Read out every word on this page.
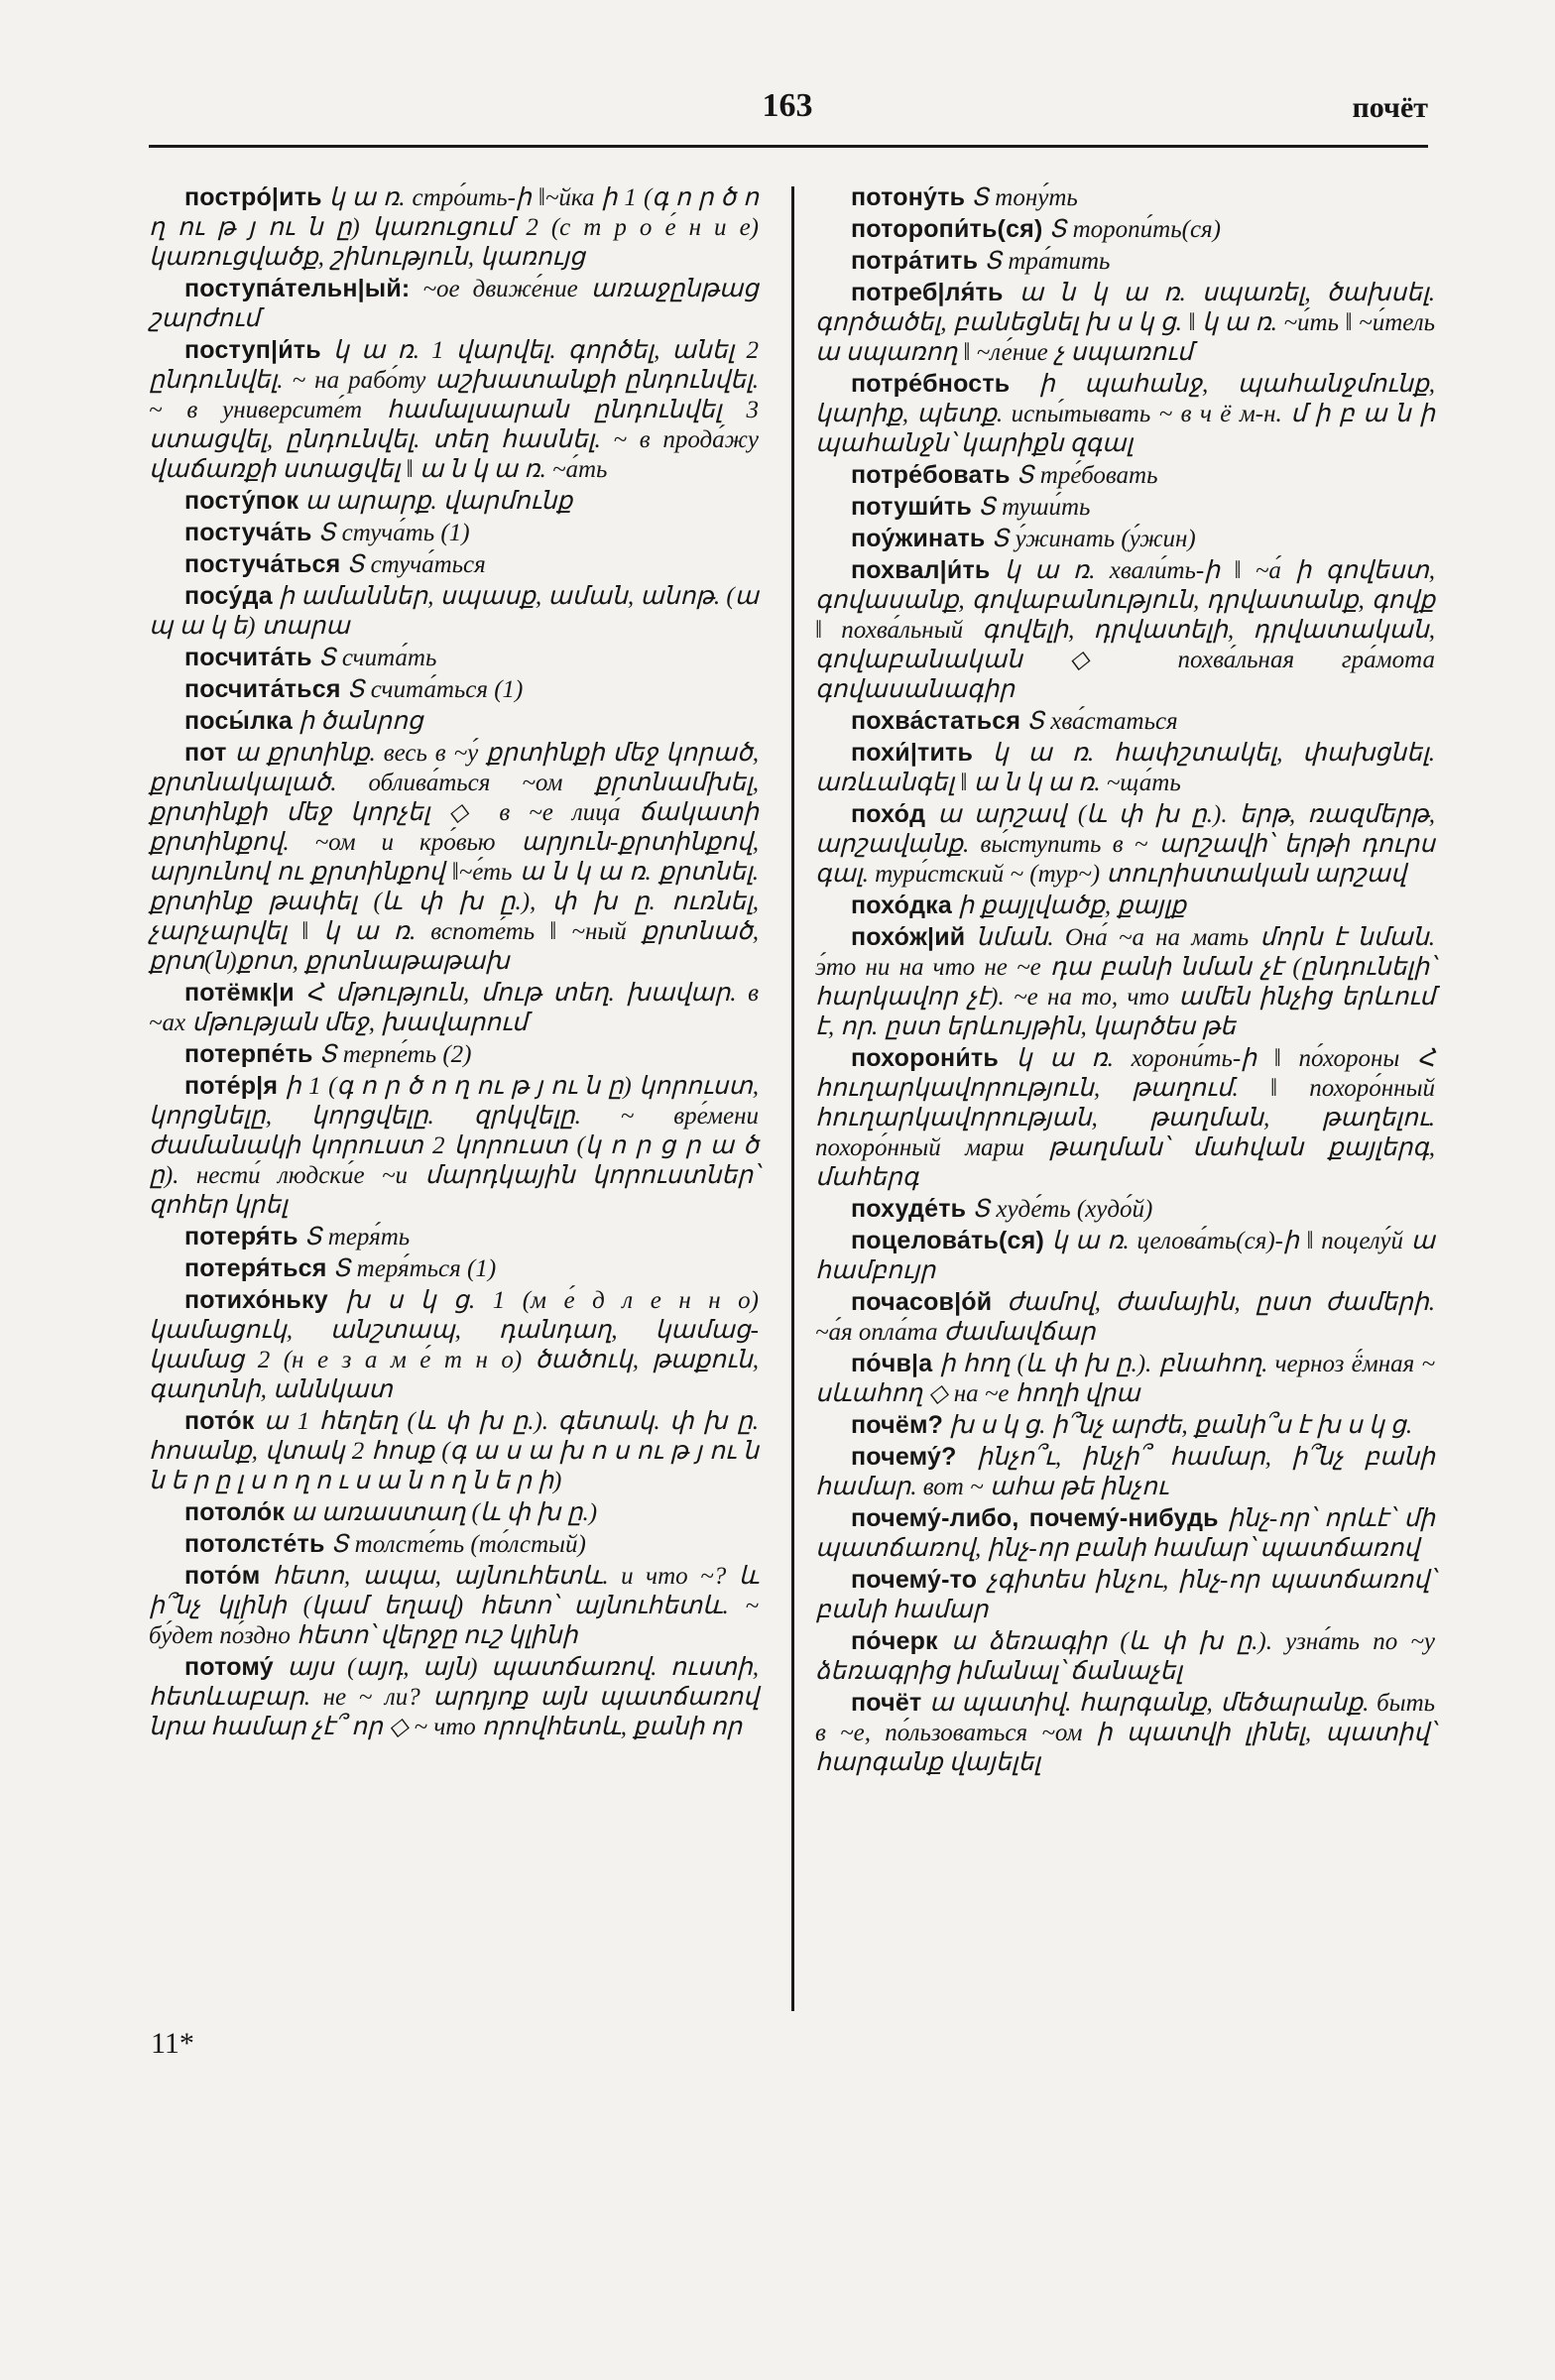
163	почёт
постро́|ить կ ա ռ. стро́ить-ի ‖~йка ի 1 (գ ո ր ծ ո ղ ու թ յ ու ն ը) կառուցում 2 (с т р о е́ н и е) կառուցվածք, շինություն, կառույց
поступа́тельн|ый: ~ое движе́ние առաջընթաց շարժում
поступ|и́ть կ ա ռ. 1 վարվել. գործել, անել 2 ընդունվել. ~ на рабо́ту աշխատանքի ընդունվել. ~ в университе́т համալսարան ընդունվել 3 ստացվել, ընդունվել. տեղ հասնել. ~ в прода́жу վաճառքի ստացվել ‖ ա ն կ ա ռ. ~а́ть
посту́пок ա արարք. վարմունք
постуча́ть Տ стуча́ть (1)
постуча́ться Տ стуча́ться
посу́да ի ամաններ, սպասք, աման, անոթ. (ա պ ա կ ե) տարա
посчита́ть Տ счита́ть
посчита́ться Տ счита́ться (1)
посы́лка ի ծանրոց
пот ա քրտինք. весь в ~у́ քրտինքի մեջ կորած, քրտնակալած. облива́ться ~ом քրտնամխել, քրտինքի մեջ կորչել ◇ в ~е лица́ ճակատի քրտինքով. ~ом и кро́вью արյուն-քրտինքով, արյունով ու քրտինքով ‖~е́ть ա ն կ ա ռ. քրտնել. քրտինք թափել (և փ խ ը.), փ խ ը. ուռնել, չարչարվել ‖ կ ա ռ. вспоте́ть ‖ ~ный քրտնած, քրտ(ն)քոտ, քրտնաթաթախ
потёмк|и Հ մթություն, մութ տեղ. խավար. в ~ах մթության մեջ, խավարում
потерпе́ть Տ терпе́ть (2)
поте́р|я ի 1 (գ ո ր ծ ո ղ ու թ յ ու ն ը) կորուստ, կորցնելը, կորցվելը. զրկվելը. ~ вре́мени ժամանակի կորուստ 2 կորուստ (կ ո ր ց ր ա ծ ը). нести́ людски́е ~и մարդկային կորուստներ՝ զոհեր կրել
потеря́ть Տ теря́ть
потеря́ться Տ теря́ться (1)
потихо́ньку խ ս կ ց. 1 (м е́ д л е н н о) կամացուկ, անշտապ, դանդաղ, կամաց-կամաց 2 (н е з а м е́ т н о) ծածուկ, թաքուն, գաղտնի, աննկատ
пото́к ա 1 հեղեղ (և փ խ ը.). գետակ. փ խ ը. հոսանք, վտակ 2 հոսք (գ ա ս ա խ ո ս ու թ յ ու ն ն ե ր ը լ ս ո ղ ո ւ ս ա ն ո ղ ն ե ր ի)
потоло́к ա առաստաղ (և փ խ ը.)
потолсте́ть Տ толсте́ть (то́лстый)
пото́м հետո, ապա, այնուհետև. и что ~? և ի՞նչ կլինի (կամ եղավ) հետո՝ այնուհետև. ~ бу́дет по́здно հետո՝ վերջը ուշ կլինի
потому́ այս (այդ, այն) պատճառով. ուստի, հետևաբար. не ~ ли? արդյոք այն պատճառով նրա համար չէ՞ որ ◇ ~ что որովհետև, քանի որ
потону́ть Տ тону́ть
поторопи́ть(ся) Տ торопи́ть(ся)
потра́тить Տ тра́тить
потреб|ля́ть ա ն կ ա ռ. սպառել, ծախսել. գործածել, բանեցնել խ ս կ ց. ‖ կ ա ռ. ~и́ть ‖ ~и́тель ա սպառող ‖ ~ле́ние չ սպառում
потре́бность ի պահանջ, պահանջմունք, կարիք, պետք. испы́тывать ~ в ч ё м-н. մ ի բ ա ն ի պահանջն՝ կարիքն զգալ
потре́бовать Տ тре́бовать
потуши́ть Տ туши́ть
поу́жинать Տ у́жинать (у́жин)
похвал|и́ть կ ա ռ. хвали́ть-ի ‖ ~а́ ի գովեստ, գովասանք, գովաբանություն, դրվատանք, գովք ‖ похва́льный գովելի, դրվատելի, դրվատական, գովաբանական ◇ похва́льная гра́мота գովասանագիր
похва́статься Տ хва́статься
похи́|тить կ ա ռ. հափշտակել, փախցնել. առևանգել ‖ ա ն կ ա ռ. ~ща́ть
похо́д ա արշավ (և փ խ ը.). երթ, ռազմերթ, արշավանք. вы́ступить в ~ արշավի՝ երթի դուրս գալ. тури́стский ~ (тур~) տուրիստական արշավ
похо́дка ի քայլվածք, քայլք
похо́ж|ий նման. Она́ ~а на мать մորն է նման. э́то ни на что не ~е դա բանի նման չէ (ընդունելի՝ հարկավոր չէ). ~е на то, что ամեն ինչից երևում է, որ. ըստ երևույթին, կարծես թե
похорони́ть կ ա ռ. хорони́ть-ի ‖ по́хороны Հ հուղարկավորություն, թաղում. ‖ похоро́нный հուղարկավորության, թաղման, թաղելու. похоро́нный марш թաղման՝ մահվան քայլերգ, մահերգ
похуде́ть Տ худе́ть (худо́й)
поцелова́ть(ся) կ ա ռ. целова́ть(ся)-ի ‖ поцелу́й ա համբույր
почасов|о́й ժամով, ժամային, ըստ ժամերի. ~а́я опла́та ժամավճար
по́чв|а ի հող (և փ խ ը.). բնահող. черноз ё́мная ~ սևահող ◇ на ~е հողի վրա
почём? խ ս կ ց. ի՞նչ արժե, քանի՞ս է խ ս կ ց.
почему́? ինչո՞ւ, ինչի՞ համար, ի՞նչ բանի համար. вот ~ ահա թե ինչու
почему́-либо, почему́-нибудь ինչ-որ՝ որևէ՝ մի պատճառով, ինչ-որ բանի համար՝ պատճառով
почему́-то չգիտես ինչու, ինչ-որ պատճառով՝ բանի համար
по́черк ա ձեռագիր (և փ խ ը.). узна́ть по ~у ձեռագրից իմանալ՝ ճանաչել
почёт ա պատիվ. հարգանք, մեծարանք. быть в ~е, по́льзоваться ~ом ի պատվի լինել, պատիվ՝ հարգանք վայելել
11*
